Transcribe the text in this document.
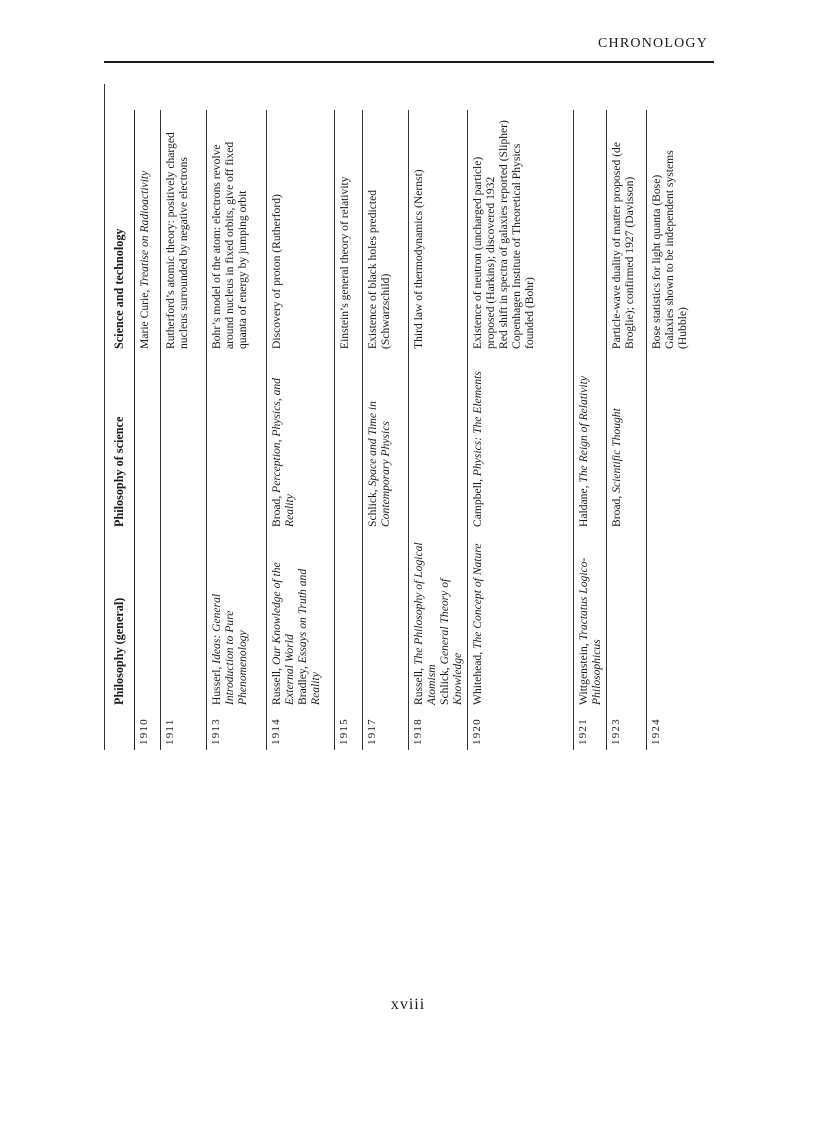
CHRONOLOGY
	Philosophy (general)	Philosophy of science	Science and technology
1910			Marie Curie, Treatise on Radioactivity

1911			Rutherford’s atomic theory: positively charged nucleus surrounded by negative electrons

1913	Husserl, Ideas: General Introduction to Pure Phenomenology		Bohr’s model of the atom: electrons revolve around nucleus in fixed orbits, give off fixed quanta of energy by jumping orbit

1914	Russell, Our Knowledge of the External World Bradley, Essays on Truth and Reality	Broad, Perception, Physics, and Reality	Discovery of proton (Rutherford)

1915			Einstein’s general theory of relativity

1917		Schlick, Space and Time in Contemporary Physics	Existence of black holes predicted (Schwarzschild)

1918	Russell, The Philosophy of Logical Atomism Schlick, General Theory of Knowledge		Third law of thermodynamics (Nernst)

1920	Whitehead, The Concept of Nature	Campbell, Physics: The Elements	Existence of neutron (uncharged particle) proposed (Harkins); discovered 1932 Red shift in spectra of galaxies reported (Slipher) Copenhagen Institute of Theoretical Physics founded (Bohr)

1921	Wittgenstein, Tractatus Logico-Philosophicus	Haldane, The Reign of Relativity	

1923		Broad, Scientific Thought	Particle-wave duality of matter proposed (de Broglie); confirmed 1927 (Davisson)

1924			Bose statistics for light quanta (Bose) Galaxies shown to be independent systems (Hubble)
xviii
